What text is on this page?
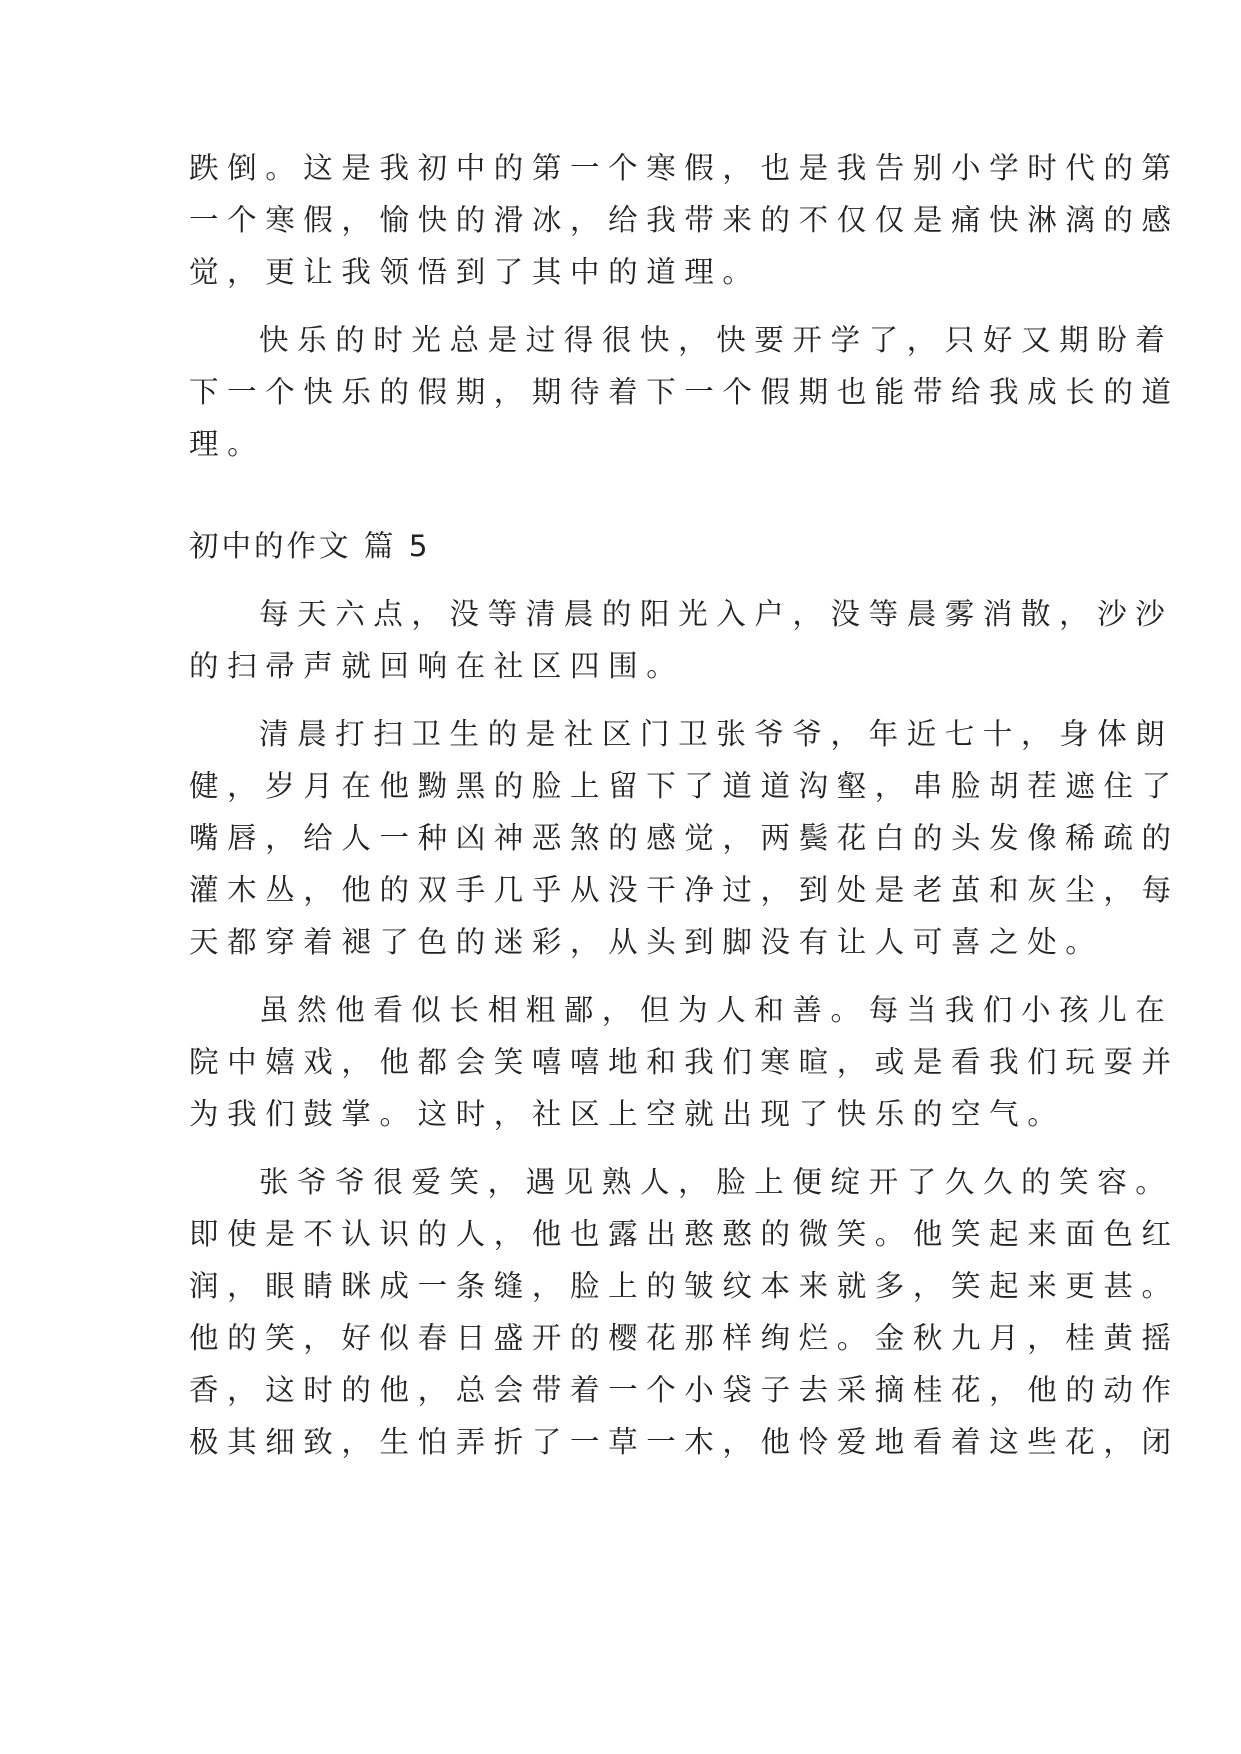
跌倒。这是我初中的第一个寒假，也是我告别小学时代的第
一个寒假，愉快的滑冰，给我带来的不仅仅是痛快淋漓的感
觉，更让我领悟到了其中的道理。
快乐的时光总是过得很快，快要开学了，只好又期盼着
下一个快乐的假期，期待着下一个假期也能带给我成长的道
理。
初中的作文 篇 5
每天六点，没等清晨的阳光入户，没等晨雾消散，沙沙
的扫帚声就回响在社区四围。
清晨打扫卫生的是社区门卫张爷爷，年近七十，身体朗
健，岁月在他黝黑的脸上留下了道道沟壑，串脸胡茬遮住了
嘴唇，给人一种凶神恶煞的感觉，两鬓花白的头发像稀疏的
灌木丛，他的双手几乎从没干净过，到处是老茧和灰尘，每
天都穿着褪了色的迷彩，从头到脚没有让人可喜之处。
虽然他看似长相粗鄙，但为人和善。每当我们小孩儿在
院中嬉戏，他都会笑嘻嘻地和我们寒暄，或是看我们玩耍并
为我们鼓掌。这时，社区上空就出现了快乐的空气。
张爷爷很爱笑，遇见熟人，脸上便绽开了久久的笑容。
即使是不认识的人，他也露出憨憨的微笑。他笑起来面色红
润，眼睛眯成一条缝，脸上的皱纹本来就多，笑起来更甚。
他的笑，好似春日盛开的樱花那样绚烂。金秋九月，桂黄摇
香，这时的他，总会带着一个小袋子去采摘桂花，他的动作
极其细致，生怕弄折了一草一木，他怜爱地看着这些花，闭
